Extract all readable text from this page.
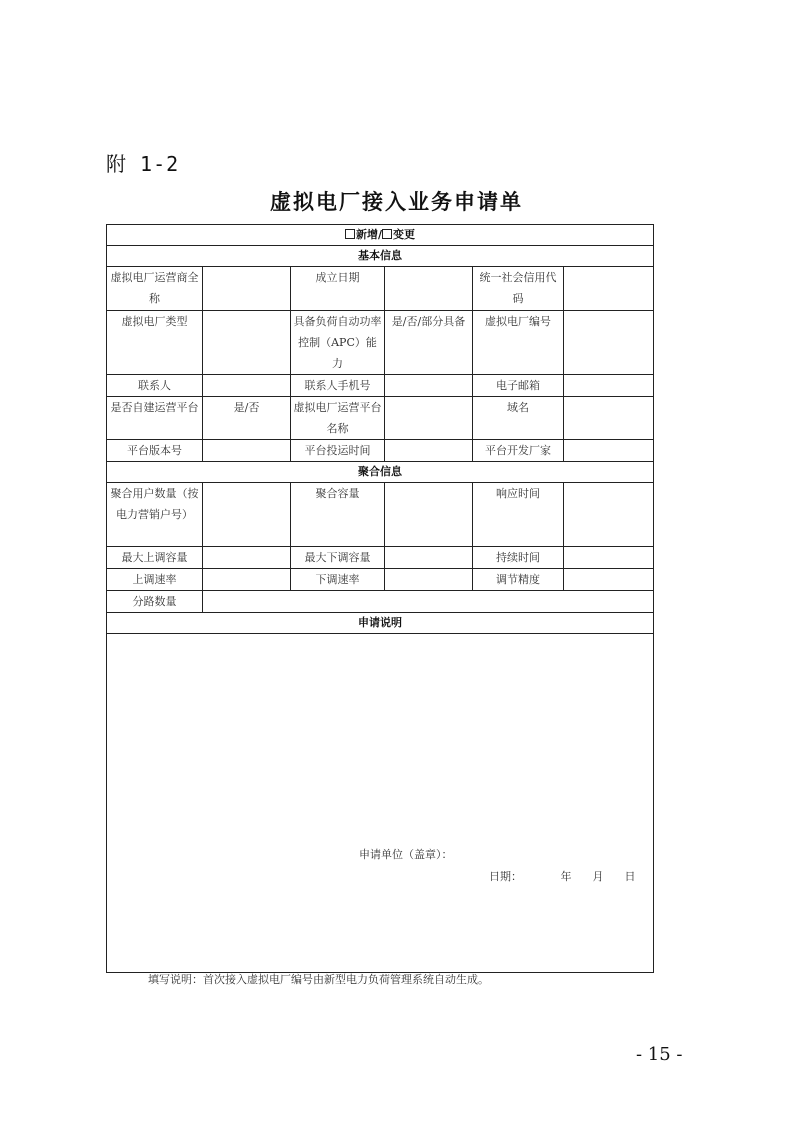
附 1-2
虚拟电厂接入业务申请单
新增/ 变更					
基本信息					
虚拟电厂运营商全称		成立日期		统一社会信用代码	
虚拟电厂类型		具备负荷自动功率控制（APC）能力	是/否/部分具备	虚拟电厂编号	
联系人		联系人手机号		电子邮箱	
是否自建运营平台	是/否	虚拟电厂运营平台名称		域名	
平台版本号		平台投运时间		平台开发厂家	
聚合信息					
聚合用户数量（按电力营销户号）		聚合容量		响应时间	
最大上调容量		最大下调容量		持续时间	
上调速率		下调速率		调节精度	
分路数量					
申请说明					

申请单位（盖章）：
日期： 年 月 日					
填写说明：首次接入虚拟电厂编号由新型电力负荷管理系统自动生成。
- 15 -
